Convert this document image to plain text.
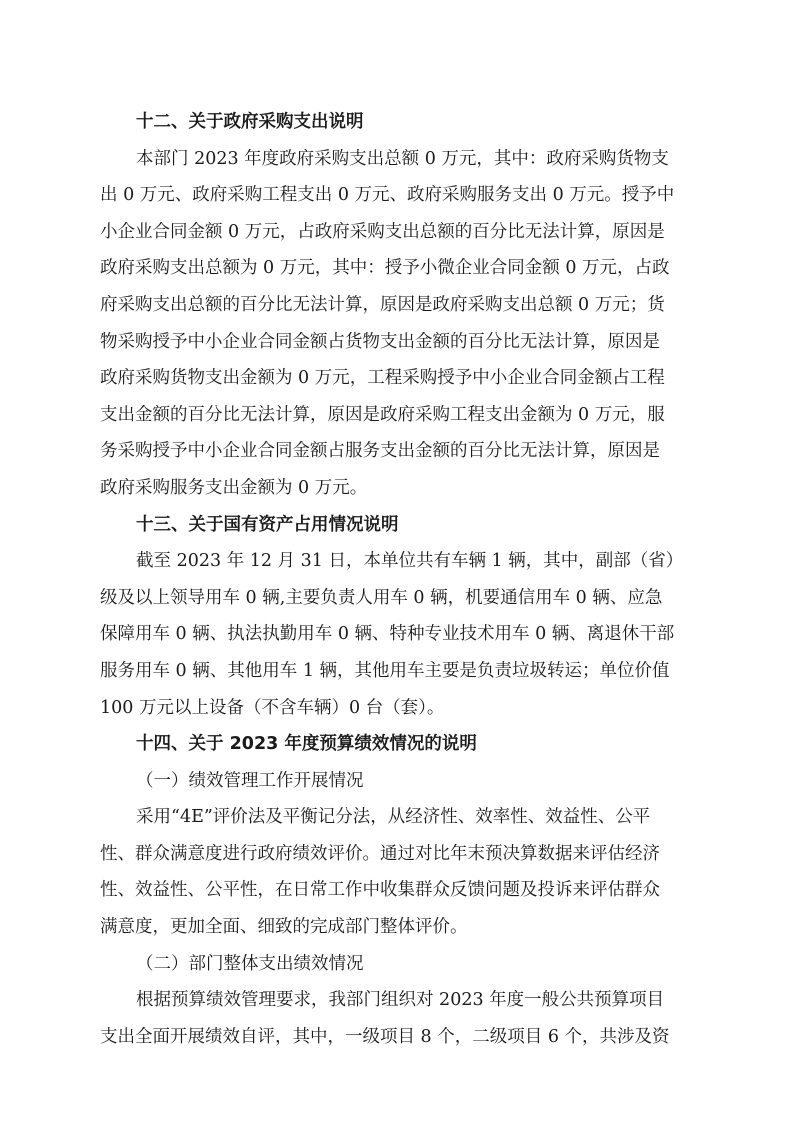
十二、关于政府采购支出说明
本部门 2023 年度政府采购支出总额 0 万元，其中：政府采购货物支
出 0 万元、政府采购工程支出 0 万元、政府采购服务支出 0 万元。授予中
小企业合同金额 0 万元，占政府采购支出总额的百分比无法计算，原因是
政府采购支出总额为 0 万元，其中：授予小微企业合同金额 0 万元，占政
府采购支出总额的百分比无法计算，原因是政府采购支出总额 0 万元；货
物采购授予中小企业合同金额占货物支出金额的百分比无法计算，原因是
政府采购货物支出金额为 0 万元，工程采购授予中小企业合同金额占工程
支出金额的百分比无法计算，原因是政府采购工程支出金额为 0 万元，服
务采购授予中小企业合同金额占服务支出金额的百分比无法计算，原因是
政府采购服务支出金额为 0 万元。
十三、关于国有资产占用情况说明
截至 2023 年 12 月 31 日，本单位共有车辆 1 辆，其中，副部（省）
级及以上领导用车 0 辆,主要负责人用车 0 辆，机要通信用车 0 辆、应急
保障用车 0 辆、执法执勤用车 0 辆、特种专业技术用车 0 辆、离退休干部
服务用车 0 辆、其他用车 1 辆，其他用车主要是负责垃圾转运；单位价值
100 万元以上设备（不含车辆）0 台（套）。
十四、关于 2023 年度预算绩效情况的说明
（一）绩效管理工作开展情况
采用“4E”评价法及平衡记分法，从经济性、效率性、效益性、公平
性、群众满意度进行政府绩效评价。通过对比年末预决算数据来评估经济
性、效益性、公平性，在日常工作中收集群众反馈问题及投诉来评估群众
满意度，更加全面、细致的完成部门整体评价。
（二）部门整体支出绩效情况
根据预算绩效管理要求，我部门组织对 2023 年度一般公共预算项目
支出全面开展绩效自评，其中，一级项目 8 个，二级项目 6 个，共涉及资
